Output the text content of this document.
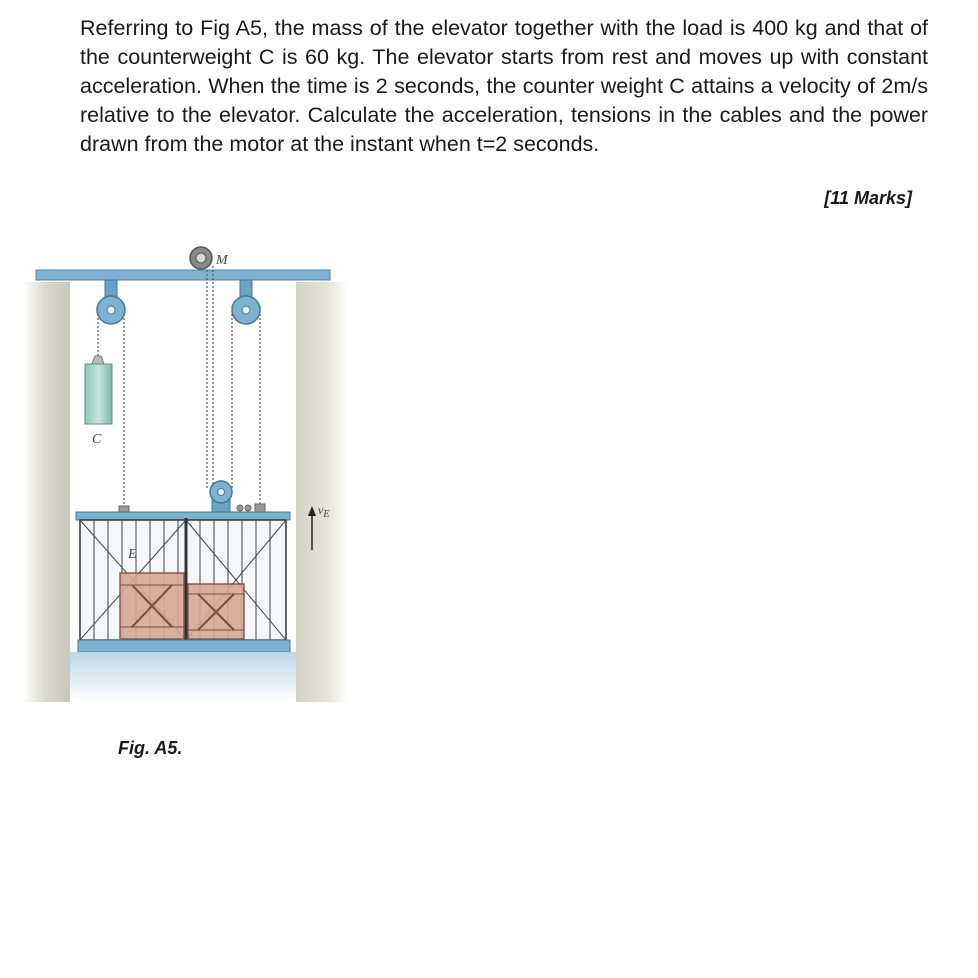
Referring to Fig A5, the mass of the elevator together with the load is 400 kg and that of the counterweight C is 60 kg. The elevator starts from rest and moves up with constant acceleration. When the time is 2 seconds, the counter weight C attains a velocity of 2m/s relative to the elevator. Calculate the acceleration, tensions in the cables and the power drawn from the motor at the instant when t=2 seconds.
[11 Marks]
M
C
E
$v_E$
Fig. A5.
